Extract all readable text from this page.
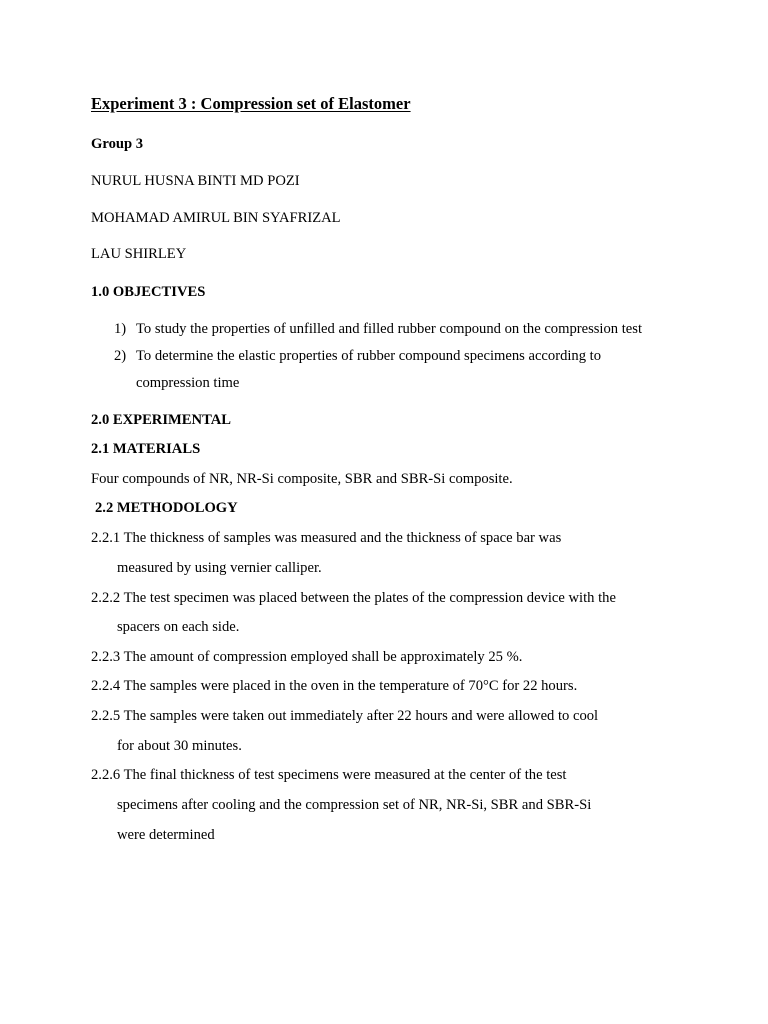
Experiment 3 : Compression set of Elastomer
Group 3
NURUL HUSNA BINTI MD POZI
MOHAMAD AMIRUL BIN SYAFRIZAL
LAU SHIRLEY
1.0 OBJECTIVES
1) To study the properties of unfilled and filled rubber compound on the compression test
2) To determine the elastic properties of rubber compound specimens according to
compression time
2.0 EXPERIMENTAL
2.1 MATERIALS
Four compounds of NR, NR-Si composite, SBR and SBR-Si composite.
2.2 METHODOLOGY
2.2.1 The thickness of samples was measured and the thickness of space bar was
measured by using vernier calliper.
2.2.2 The test specimen was placed between the plates of the compression device with the
spacers on each side.
2.2.3 The amount of compression employed shall be approximately 25 %.
2.2.4 The samples were placed in the oven in the temperature of 70°C for 22 hours.
2.2.5 The samples were taken out immediately after 22 hours and were allowed to cool
for about 30 minutes.
2.2.6 The final thickness of test specimens were measured at the center of the test
specimens after cooling and the compression set of NR, NR-Si, SBR and SBR-Si
were determined
